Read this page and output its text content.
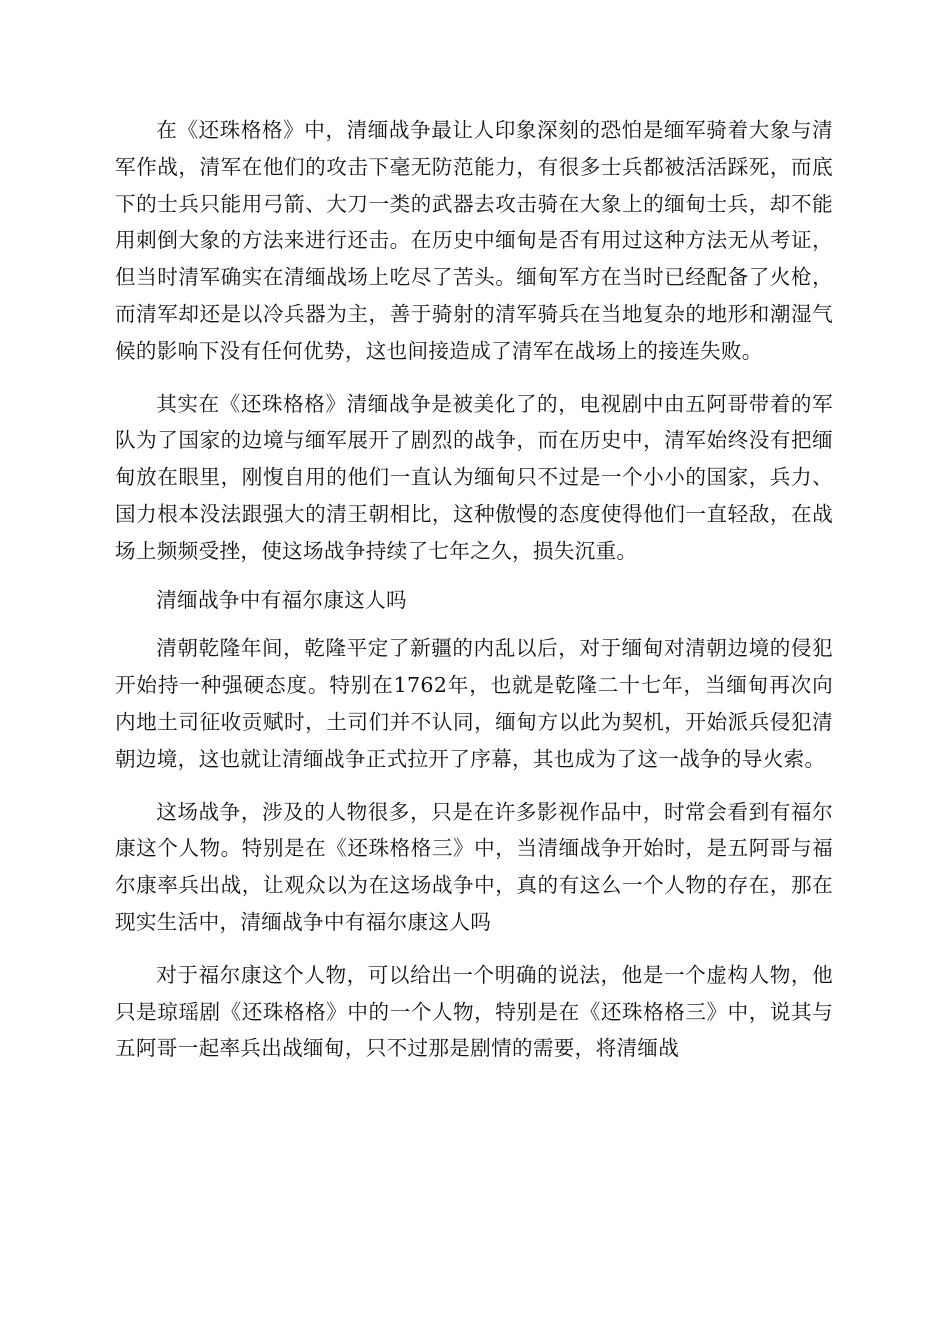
在《还珠格格》中，清缅战争最让人印象深刻的恐怕是缅军骑着大象与清军作战，清军在他们的攻击下毫无防范能力，有很多士兵都被活活踩死，而底下的士兵只能用弓箭、大刀一类的武器去攻击骑在大象上的缅甸士兵，却不能用刺倒大象的方法来进行还击。在历史中缅甸是否有用过这种方法无从考证，但当时清军确实在清缅战场上吃尽了苦头。缅甸军方在当时已经配备了火枪，而清军却还是以冷兵器为主，善于骑射的清军骑兵在当地复杂的地形和潮湿气候的影响下没有任何优势，这也间接造成了清军在战场上的接连失败。

其实在《还珠格格》清缅战争是被美化了的，电视剧中由五阿哥带着的军队为了国家的边境与缅军展开了剧烈的战争，而在历史中，清军始终没有把缅甸放在眼里，刚愎自用的他们一直认为缅甸只不过是一个小小的国家，兵力、国力根本没法跟强大的清王朝相比，这种傲慢的态度使得他们一直轻敌，在战场上频频受挫，使这场战争持续了七年之久，损失沉重。

清缅战争中有福尔康这人吗

清朝乾隆年间，乾隆平定了新疆的内乱以后，对于缅甸对清朝边境的侵犯开始持一种强硬态度。特别在1762年，也就是乾隆二十七年，当缅甸再次向内地土司征收贡赋时，土司们并不认同，缅甸方以此为契机，开始派兵侵犯清朝边境，这也就让清缅战争正式拉开了序幕，其也成为了这一战争的导火索。

这场战争，涉及的人物很多，只是在许多影视作品中，时常会看到有福尔康这个人物。特别是在《还珠格格三》中，当清缅战争开始时，是五阿哥与福尔康率兵出战，让观众以为在这场战争中，真的有这么一个人物的存在，那在现实生活中，清缅战争中有福尔康这人吗

对于福尔康这个人物，可以给出一个明确的说法，他是一个虚构人物，他只是琼瑶剧《还珠格格》中的一个人物，特别是在《还珠格格三》中，说其与五阿哥一起率兵出战缅甸，只不过那是剧情的需要，将清缅战
